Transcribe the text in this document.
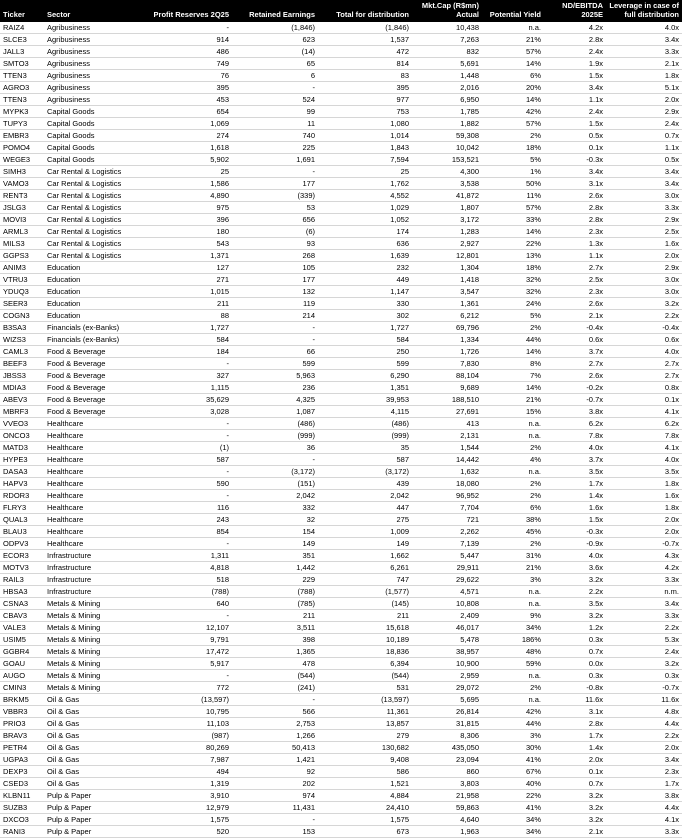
Ticker	Sector	Profit Reserves 2Q25	Retained Earnings	Total for distribution	Mkt.Cap (R$mn) Actual	Potential Yield	ND/EBITDA 2025E	Leverage in case of full distribution
RAIZ4	Agribusiness	-	(1,846)	(1,846)	10,438	n.a.	4.2x	4.0x
SLCE3	Agribusiness	914	623	1,537	7,263	21%	2.8x	3.4x
JALL3	Agribusiness	486	(14)	472	832	57%	2.4x	3.3x
SMTO3	Agribusiness	749	65	814	5,691	14%	1.9x	2.1x
TTEN3	Agribusiness	76	6	83	1,448	6%	1.5x	1.8x
AGRO3	Agribusiness	395	-	395	2,016	20%	3.4x	5.1x
TTEN3	Agribusiness	453	524	977	6,950	14%	1.1x	2.0x
MYPK3	Capital Goods	654	99	753	1,785	42%	2.4x	2.9x
TUPY3	Capital Goods	1,069	11	1,080	1,882	57%	1.5x	2.4x
EMBR3	Capital Goods	274	740	1,014	59,308	2%	0.5x	0.7x
POMO4	Capital Goods	1,618	225	1,843	10,042	18%	0.1x	1.1x
WEGE3	Capital Goods	5,902	1,691	7,594	153,521	5%	-0.3x	0.5x
SIMH3	Car Rental & Logistics	25	-	25	4,300	1%	3.4x	3.4x
VAMO3	Car Rental & Logistics	1,586	177	1,762	3,538	50%	3.1x	3.4x
RENT3	Car Rental & Logistics	4,890	(339)	4,552	41,872	11%	2.6x	3.0x
JSLG3	Car Rental & Logistics	975	53	1,029	1,807	57%	2.8x	3.3x
MOVI3	Car Rental & Logistics	396	656	1,052	3,172	33%	2.8x	2.9x
ARML3	Car Rental & Logistics	180	(6)	174	1,283	14%	2.3x	2.5x
MILS3	Car Rental & Logistics	543	93	636	2,927	22%	1.3x	1.6x
GGPS3	Car Rental & Logistics	1,371	268	1,639	12,801	13%	1.1x	2.0x
ANIM3	Education	127	105	232	1,304	18%	2.7x	2.9x
VTRU3	Education	271	177	449	1,418	32%	2.5x	3.0x
YDUQ3	Education	1,015	132	1,147	3,547	32%	2.3x	3.0x
SEER3	Education	211	119	330	1,361	24%	2.6x	3.2x
COGN3	Education	88	214	302	6,212	5%	2.1x	2.2x
B3SA3	Financials (ex-Banks)	1,727	-	1,727	69,796	2%	-0.4x	-0.4x
WIZS3	Financials (ex-Banks)	584	-	584	1,334	44%	0.6x	0.6x
CAML3	Food & Beverage	184	66	250	1,726	14%	3.7x	4.0x
BEEF3	Food & Beverage	-	599	599	7,830	8%	2.7x	2.7x
JBSS3	Food & Beverage	327	5,963	6,290	88,104	7%	2.6x	2.7x
MDIA3	Food & Beverage	1,115	236	1,351	9,689	14%	-0.2x	0.8x
ABEV3	Food & Beverage	35,629	4,325	39,953	188,510	21%	-0.7x	0.1x
MBRF3	Food & Beverage	3,028	1,087	4,115	27,691	15%	3.8x	4.1x
VVEO3	Healthcare	-	(486)	(486)	413	n.a.	6.2x	6.2x
ONCO3	Healthcare	-	(999)	(999)	2,131	n.a.	7.8x	7.8x
MATD3	Healthcare	(1)	36	35	1,544	2%	4.0x	4.1x
HYPE3	Healthcare	587	-	587	14,442	4%	3.7x	4.0x
DASA3	Healthcare	-	(3,172)	(3,172)	1,632	n.a.	3.5x	3.5x
HAPV3	Healthcare	590	(151)	439	18,080	2%	1.7x	1.8x
RDOR3	Healthcare	-	2,042	2,042	96,952	2%	1.4x	1.6x
FLRY3	Healthcare	116	332	447	7,704	6%	1.6x	1.8x
QUAL3	Healthcare	243	32	275	721	38%	1.5x	2.0x
BLAU3	Healthcare	854	154	1,009	2,262	45%	-0.3x	2.0x
ODPV3	Healthcare	-	149	149	7,139	2%	-0.9x	-0.7x
ECOR3	Infrastructure	1,311	351	1,662	5,447	31%	4.0x	4.3x
MOTV3	Infrastructure	4,818	1,442	6,261	29,911	21%	3.6x	4.2x
RAIL3	Infrastructure	518	229	747	29,622	3%	3.2x	3.3x
HBSA3	Infrastructure	(788)	(788)	(1,577)	4,571	n.a.	2.2x	n.m.
CSNA3	Metals & Mining	640	(785)	(145)	10,808	n.a.	3.5x	3.4x
CBAV3	Metals & Mining	-	211	211	2,409	9%	3.2x	3.3x
VALE3	Metals & Mining	12,107	3,511	15,618	46,017	34%	1.2x	2.2x
USIM5	Metals & Mining	9,791	398	10,189	5,478	186%	0.3x	5.3x
GGBR4	Metals & Mining	17,472	1,365	18,836	38,957	48%	0.7x	2.4x
GOAU	Metals & Mining	5,917	478	6,394	10,900	59%	0.0x	3.2x
AUGO	Metals & Mining	-	(544)	(544)	2,959	n.a.	0.3x	0.3x
CMIN3	Metals & Mining	772	(241)	531	29,072	2%	-0.8x	-0.7x
BRKM5	Oil & Gas	(13,597)	-	(13,597)	5,695	n.a.	11.6x	11.6x
VBBR3	Oil & Gas	10,795	566	11,361	26,814	42%	3.1x	4.8x
PRIO3	Oil & Gas	11,103	2,753	13,857	31,815	44%	2.8x	4.4x
BRAV3	Oil & Gas	(987)	1,266	279	8,306	3%	1.7x	2.2x
PETR4	Oil & Gas	80,269	50,413	130,682	435,050	30%	1.4x	2.0x
UGPA3	Oil & Gas	7,987	1,421	9,408	23,094	41%	2.0x	3.4x
DEXP3	Oil & Gas	494	92	586	860	67%	0.1x	2.3x
CSED3	Oil & Gas	1,319	202	1,521	3,803	40%	0.7x	1.7x
KLBN11	Pulp & Paper	3,910	974	4,884	21,958	22%	3.2x	3.8x
SUZB3	Pulp & Paper	12,979	11,431	24,410	59,863	41%	3.2x	4.4x
DXCO3	Pulp & Paper	1,575	-	1,575	4,640	34%	3.2x	4.1x
RANI3	Pulp & Paper	520	153	673	1,963	34%	2.1x	3.3x
